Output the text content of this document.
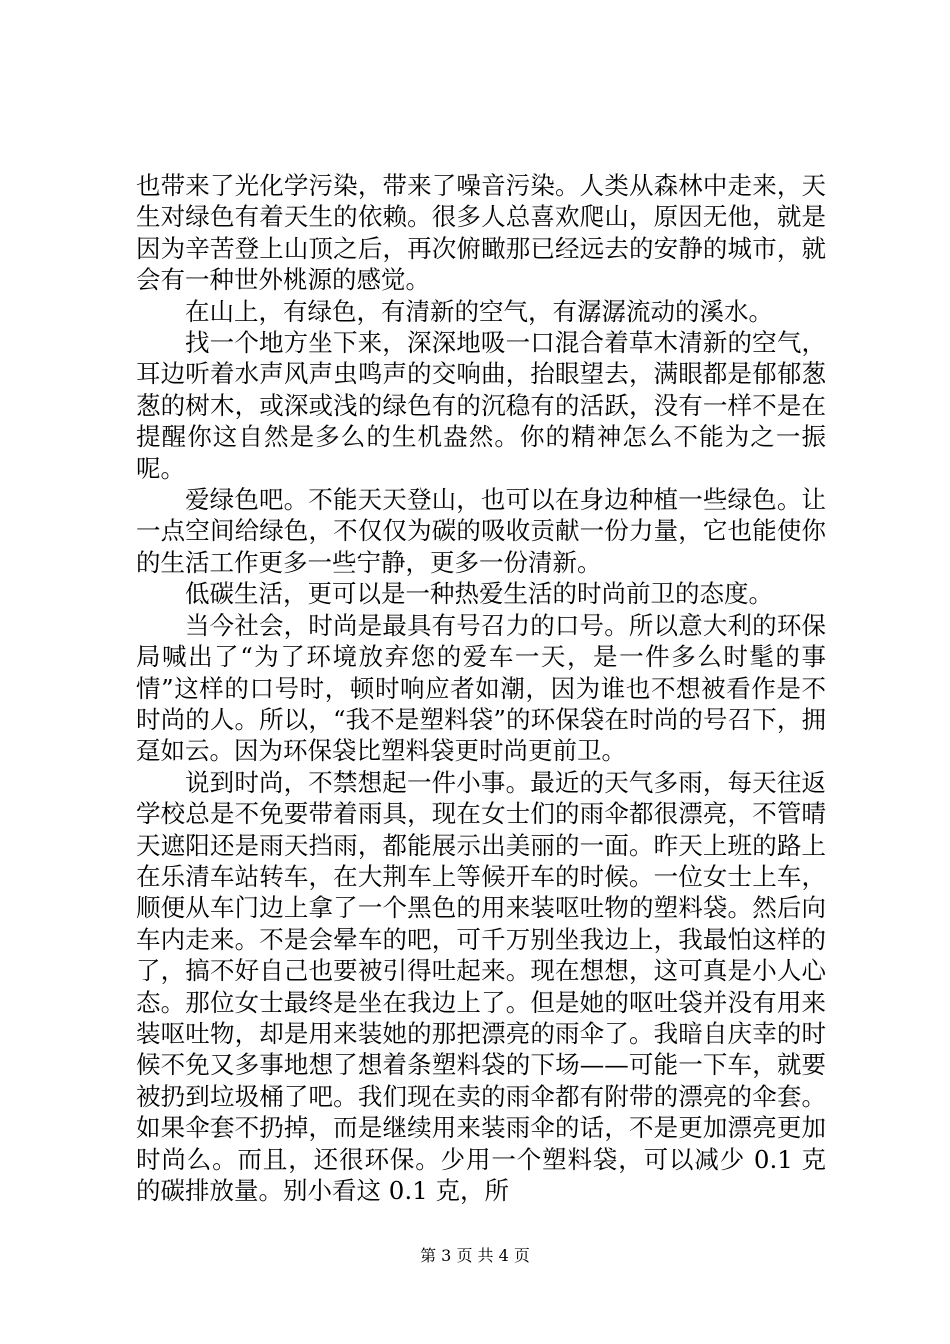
也带来了光化学污染，带来了噪音污染。人类从森林中走来，天生对绿色有着天生的依赖。很多人总喜欢爬山，原因无他，就是因为辛苦登上山顶之后，再次俯瞰那已经远去的安静的城市，就会有一种世外桃源的感觉。

在山上，有绿色，有清新的空气，有潺潺流动的溪水。

找一个地方坐下来，深深地吸一口混合着草木清新的空气，耳边听着水声风声虫鸣声的交响曲，抬眼望去，满眼都是郁郁葱葱的树木，或深或浅的绿色有的沉稳有的活跃，没有一样不是在提醒你这自然是多么的生机盎然。你的精神怎么不能为之一振呢。

爱绿色吧。不能天天登山，也可以在身边种植一些绿色。让一点空间给绿色，不仅仅为碳的吸收贡献一份力量，它也能使你的生活工作更多一些宁静，更多一份清新。

低碳生活，更可以是一种热爱生活的时尚前卫的态度。

当今社会，时尚是最具有号召力的口号。所以意大利的环保局喊出了“为了环境放弃您的爱车一天，是一件多么时髦的事情”这样的口号时，顿时响应者如潮，因为谁也不想被看作是不时尚的人。所以，“我不是塑料袋”的环保袋在时尚的号召下，拥趸如云。因为环保袋比塑料袋更时尚更前卫。

说到时尚，不禁想起一件小事。最近的天气多雨，每天往返学校总是不免要带着雨具，现在女士们的雨伞都很漂亮，不管晴天遮阳还是雨天挡雨，都能展示出美丽的一面。昨天上班的路上在乐清车站转车，在大荆车上等候开车的时候。一位女士上车，顺便从车门边上拿了一个黑色的用来装呕吐物的塑料袋。然后向车内走来。不是会晕车的吧，可千万别坐我边上，我最怕这样的了，搞不好自己也要被引得吐起来。现在想想，这可真是小人心态。那位女士最终是坐在我边上了。但是她的呕吐袋并没有用来装呕吐物，却是用来装她的那把漂亮的雨伞了。我暗自庆幸的时候不免又多事地想了想着条塑料袋的下场——可能一下车，就要被扔到垃圾桶了吧。我们现在卖的雨伞都有附带的漂亮的伞套。如果伞套不扔掉，而是继续用来装雨伞的话，不是更加漂亮更加时尚么。而且，还很环保。少用一个塑料袋，可以减少 0.1 克的碳排放量。别小看这 0.1 克，所

第 3 页 共 4 页
